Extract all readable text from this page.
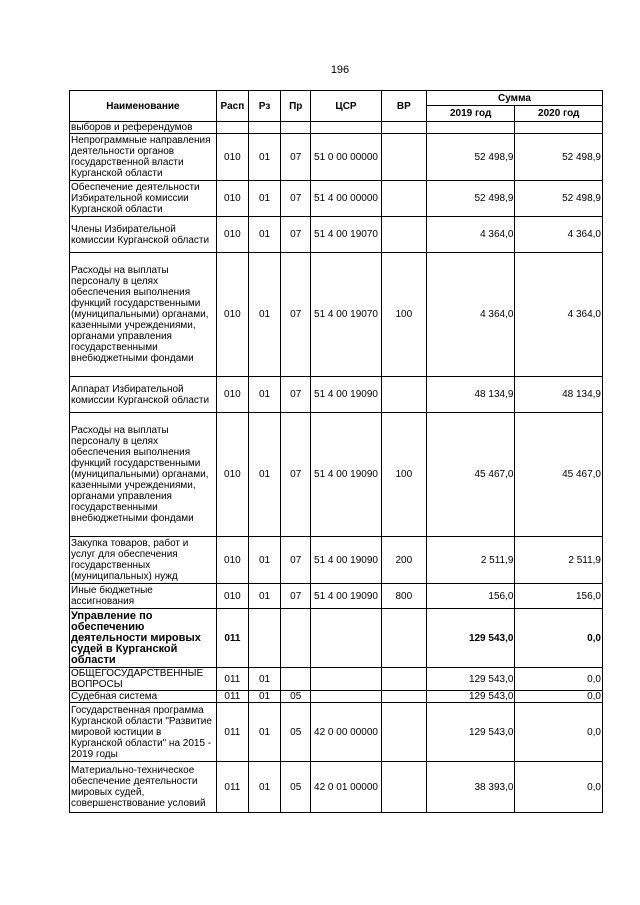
196
Наименование	Расп	Рз	Пр	ЦСР	ВР	Сумма	
						2019 год	2020 год
выборов и референдумов							
Непрограммные направления деятельности органов государственной власти Курганской области	010	01	07	51 0 00 00000		52 498,9	52 498,9
Обеспечение деятельности Избирательной комиссии Курганской области	010	01	07	51 4 00 00000		52 498,9	52 498,9
Члены Избирательной комиссии Курганской области	010	01	07	51 4 00 19070		4 364,0	4 364,0
Расходы на выплаты персоналу в целях обеспечения выполнения функций государственными (муниципальными) органами, казенными учреждениями, органами управления государственными внебюджетными фондами	010	01	07	51 4 00 19070	100	4 364,0	4 364,0
Аппарат Избирательной комиссии Курганской области	010	01	07	51 4 00 19090		48 134,9	48 134,9
Расходы на выплаты персоналу в целях обеспечения выполнения функций государственными (муниципальными) органами, казенными учреждениями, органами управления государственными внебюджетными фондами	010	01	07	51 4 00 19090	100	45 467,0	45 467,0
Закупка товаров, работ и услуг для обеспечения государственных (муниципальных) нужд	010	01	07	51 4 00 19090	200	2 511,9	2 511,9
Иные бюджетные ассигнования	010	01	07	51 4 00 19090	800	156,0	156,0
Управление по обеспечению деятельности мировых судей в Курганской области	011					129 543,0	0,0
ОБЩЕГОСУДАРСТВЕННЫЕ ВОПРОСЫ	011	01				129 543,0	0,0
Судебная система	011	01	05			129 543,0	0,0
Государственная программа Курганской области "Развитие мировой юстиции в Курганской области" на 2015 - 2019 годы	011	01	05	42 0 00 00000		129 543,0	0,0
Материально-техническое обеспечение деятельности мировых судей, совершенствование условий	011	01	05	42 0 01 00000		38 393,0	0,0
